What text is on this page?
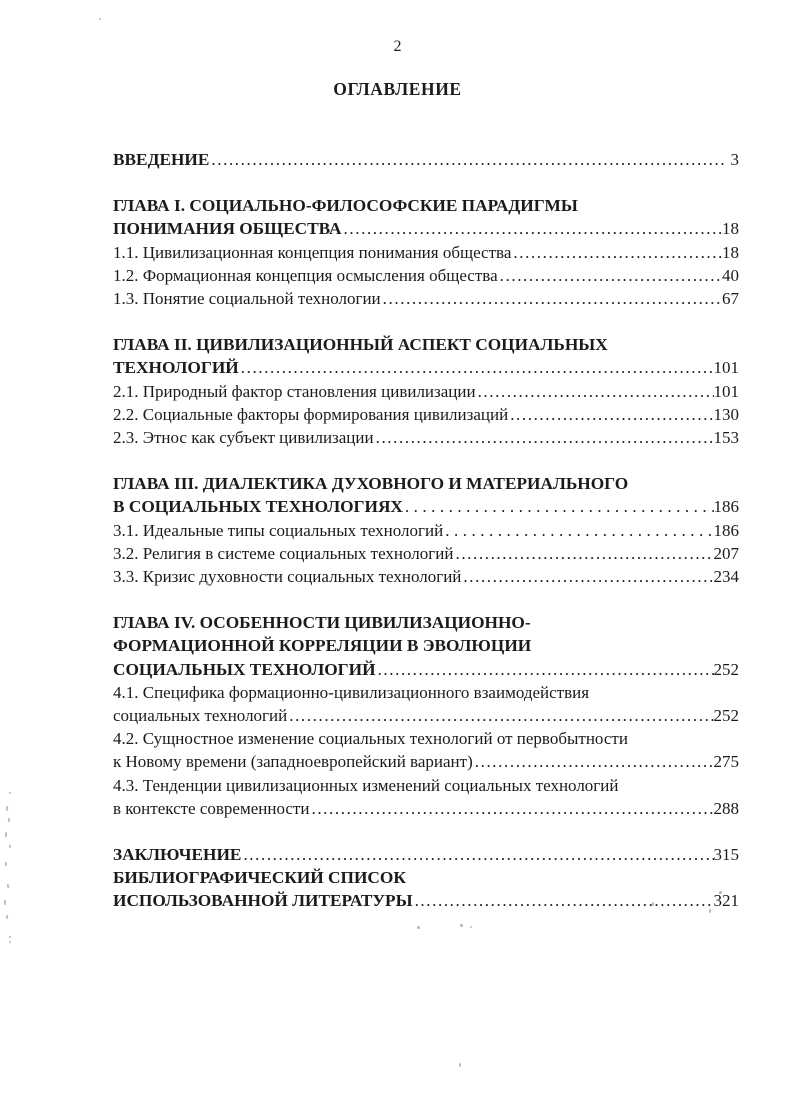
2
ОГЛАВЛЕНИЕ
ВВЕДЕНИЕ .....	3
ГЛАВА I. СОЦИАЛЬНО-ФИЛОСОФСКИЕ ПАРАДИГМЫ
ПОНИМАНИЯ ОБЩЕСТВА .....	18
1.1. Цивилизационная концепция понимания общества .....	18
1.2. Формационная концепция осмысления общества .....	40
1.3. Понятие социальной технологии .....	67
ГЛАВА II. ЦИВИЛИЗАЦИОННЫЙ АСПЕКТ СОЦИАЛЬНЫХ
ТЕХНОЛОГИЙ .....	101
2.1. Природный фактор становления цивилизации .....	101
2.2. Социальные факторы формирования цивилизаций .....	130
2.3. Этнос как субъект цивилизации .....	153
ГЛАВА III. ДИАЛЕКТИКА ДУХОВНОГО И МАТЕРИАЛЬНОГО
В СОЦИАЛЬНЫХ ТЕХНОЛОГИЯХ .....	186
3.1. Идеальные типы социальных технологий .....	186
3.2. Религия в системе социальных технологий .....	207
3.3. Кризис духовности социальных технологий .....	234
ГЛАВА IV. ОСОБЕННОСТИ ЦИВИЛИЗАЦИОННО-
ФОРМАЦИОННОЙ КОРРЕЛЯЦИИ В ЭВОЛЮЦИИ
СОЦИАЛЬНЫХ ТЕХНОЛОГИЙ .....	252
4.1. Специфика формационно-цивилизационного взаимодействия
социальных технологий .....	252
4.2. Сущностное изменение социальных технологий от первобытности
к Новому времени (западноевропейский вариант) .....	275
4.3. Тенденции цивилизационных изменений социальных технологий
в контексте современности .....	288
ЗАКЛЮЧЕНИЕ .....	315
БИБЛИОГРАФИЧЕСКИЙ СПИСОК
ИСПОЛЬЗОВАННОЙ ЛИТЕРАТУРЫ .....	321
